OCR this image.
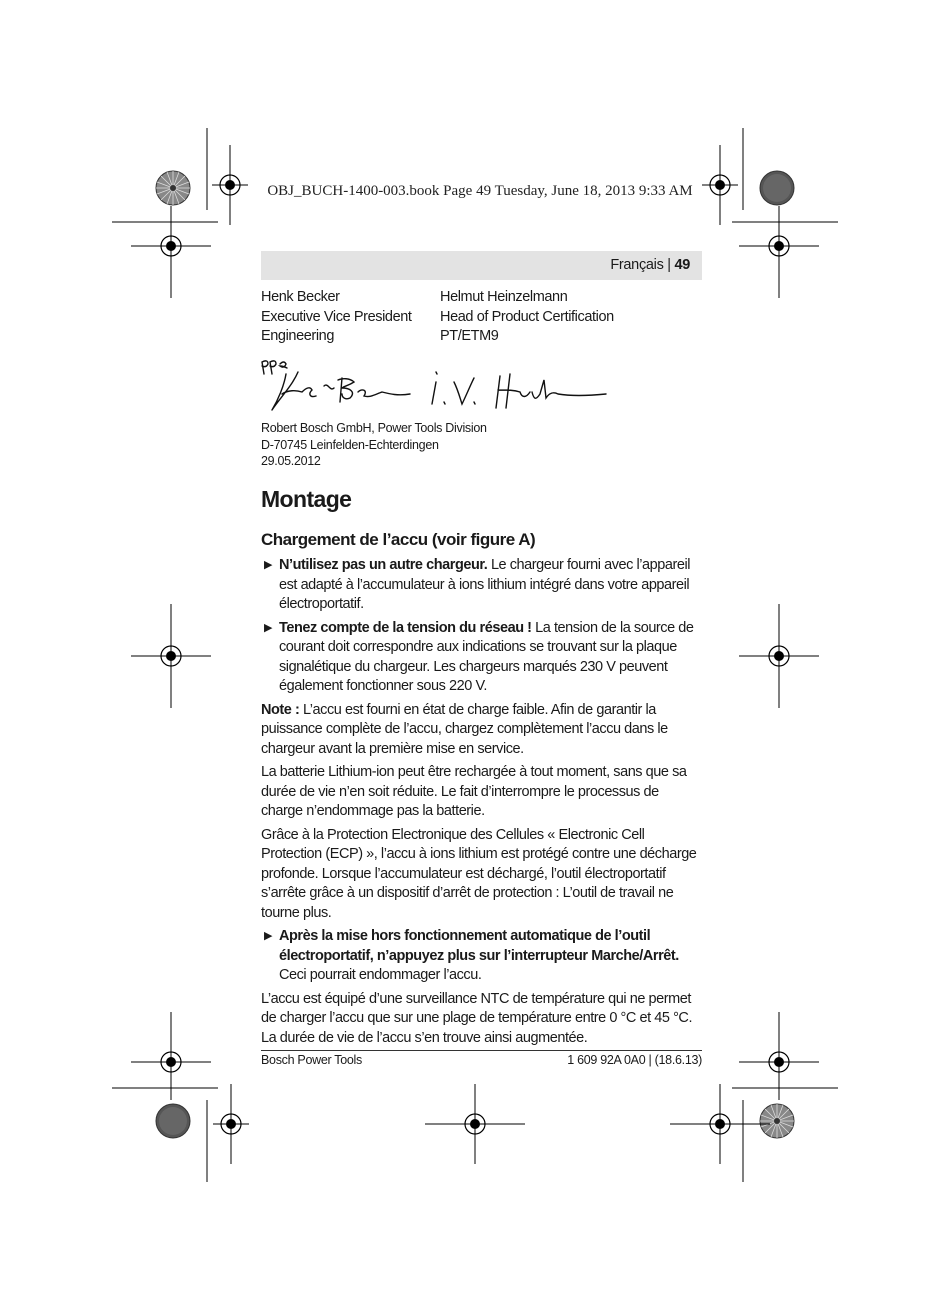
OBJ_BUCH-1400-003.book Page 49 Tuesday, June 18, 2013 9:33 AM
Français | 49
Henk Becker
Executive Vice President
Engineering
Helmut Heinzelmann
Head of Product Certification
PT/ETM9
Robert Bosch GmbH, Power Tools Division
D-70745 Leinfelden-Echterdingen
29.05.2012
Montage
Chargement de l’accu (voir figure A)
▶ N’utilisez pas un autre chargeur. Le chargeur fourni avec l’appareil est adapté à l’accumulateur à ions lithium intégré dans votre appareil électroportatif.
▶ Tenez compte de la tension du réseau ! La tension de la source de courant doit correspondre aux indications se trouvant sur la plaque signalétique du chargeur. Les chargeurs marqués 230 V peuvent également fonctionner sous 220 V.

Note : L’accu est fourni en état de charge faible. Afin de garantir la puissance complète de l’accu, chargez complètement l’accu dans le chargeur avant la première mise en service.

La batterie Lithium-ion peut être rechargée à tout moment, sans que sa durée de vie n’en soit réduite. Le fait d’interrompre le processus de charge n’endommage pas la batterie.

Grâce à la Protection Electronique des Cellules « Electronic Cell Protection (ECP) », l’accu à ions lithium est protégé contre une décharge profonde. Lorsque l’accumulateur est déchargé, l’outil électroportatif s’arrête grâce à un dispositif d’arrêt de protection : L’outil de travail ne tourne plus.

▶ Après la mise hors fonctionnement automatique de l’outil électroportatif, n’appuyez plus sur l’interrupteur Marche/Arrêt. Ceci pourrait endommager l’accu.

L’accu est équipé d’une surveillance NTC de température qui ne permet de charger l’accu que sur une plage de température entre 0 °C et 45 °C. La durée de vie de l’accu s’en trouve ainsi augmentée.

Bosch Power Tools	1 609 92A 0A0 | (18.6.13)
